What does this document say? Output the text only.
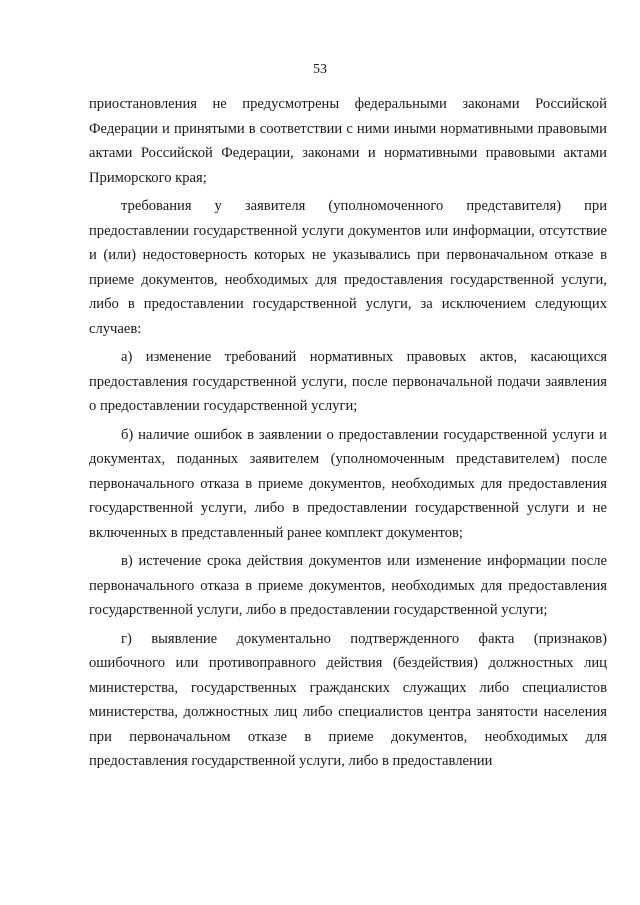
53

приостановления не предусмотрены федеральными законами Российской Федерации и принятыми в соответствии с ними иными нормативными правовыми актами Российской Федерации, законами и нормативными правовыми актами Приморского края;

требования у заявителя (уполномоченного представителя) при предоставлении государственной услуги документов или информации, отсутствие и (или) недостоверность которых не указывались при первоначальном отказе в приеме документов, необходимых для предоставления государственной услуги, либо в предоставлении государственной услуги, за исключением следующих случаев:

а) изменение требований нормативных правовых актов, касающихся предоставления государственной услуги, после первоначальной подачи заявления о предоставлении государственной услуги;

б) наличие ошибок в заявлении о предоставлении государственной услуги и документах, поданных заявителем (уполномоченным представителем) после первоначального отказа в приеме документов, необходимых для предоставления государственной услуги, либо в предоставлении государственной услуги и не включенных в представленный ранее комплект документов;

в) истечение срока действия документов или изменение информации после первоначального отказа в приеме документов, необходимых для предоставления государственной услуги, либо в предоставлении государственной услуги;

г) выявление документально подтвержденного факта (признаков) ошибочного или противоправного действия (бездействия) должностных лиц министерства, государственных гражданских служащих либо специалистов министерства, должностных лиц либо специалистов центра занятости населения при первоначальном отказе в приеме документов, необходимых для предоставления государственной услуги, либо в предоставлении
